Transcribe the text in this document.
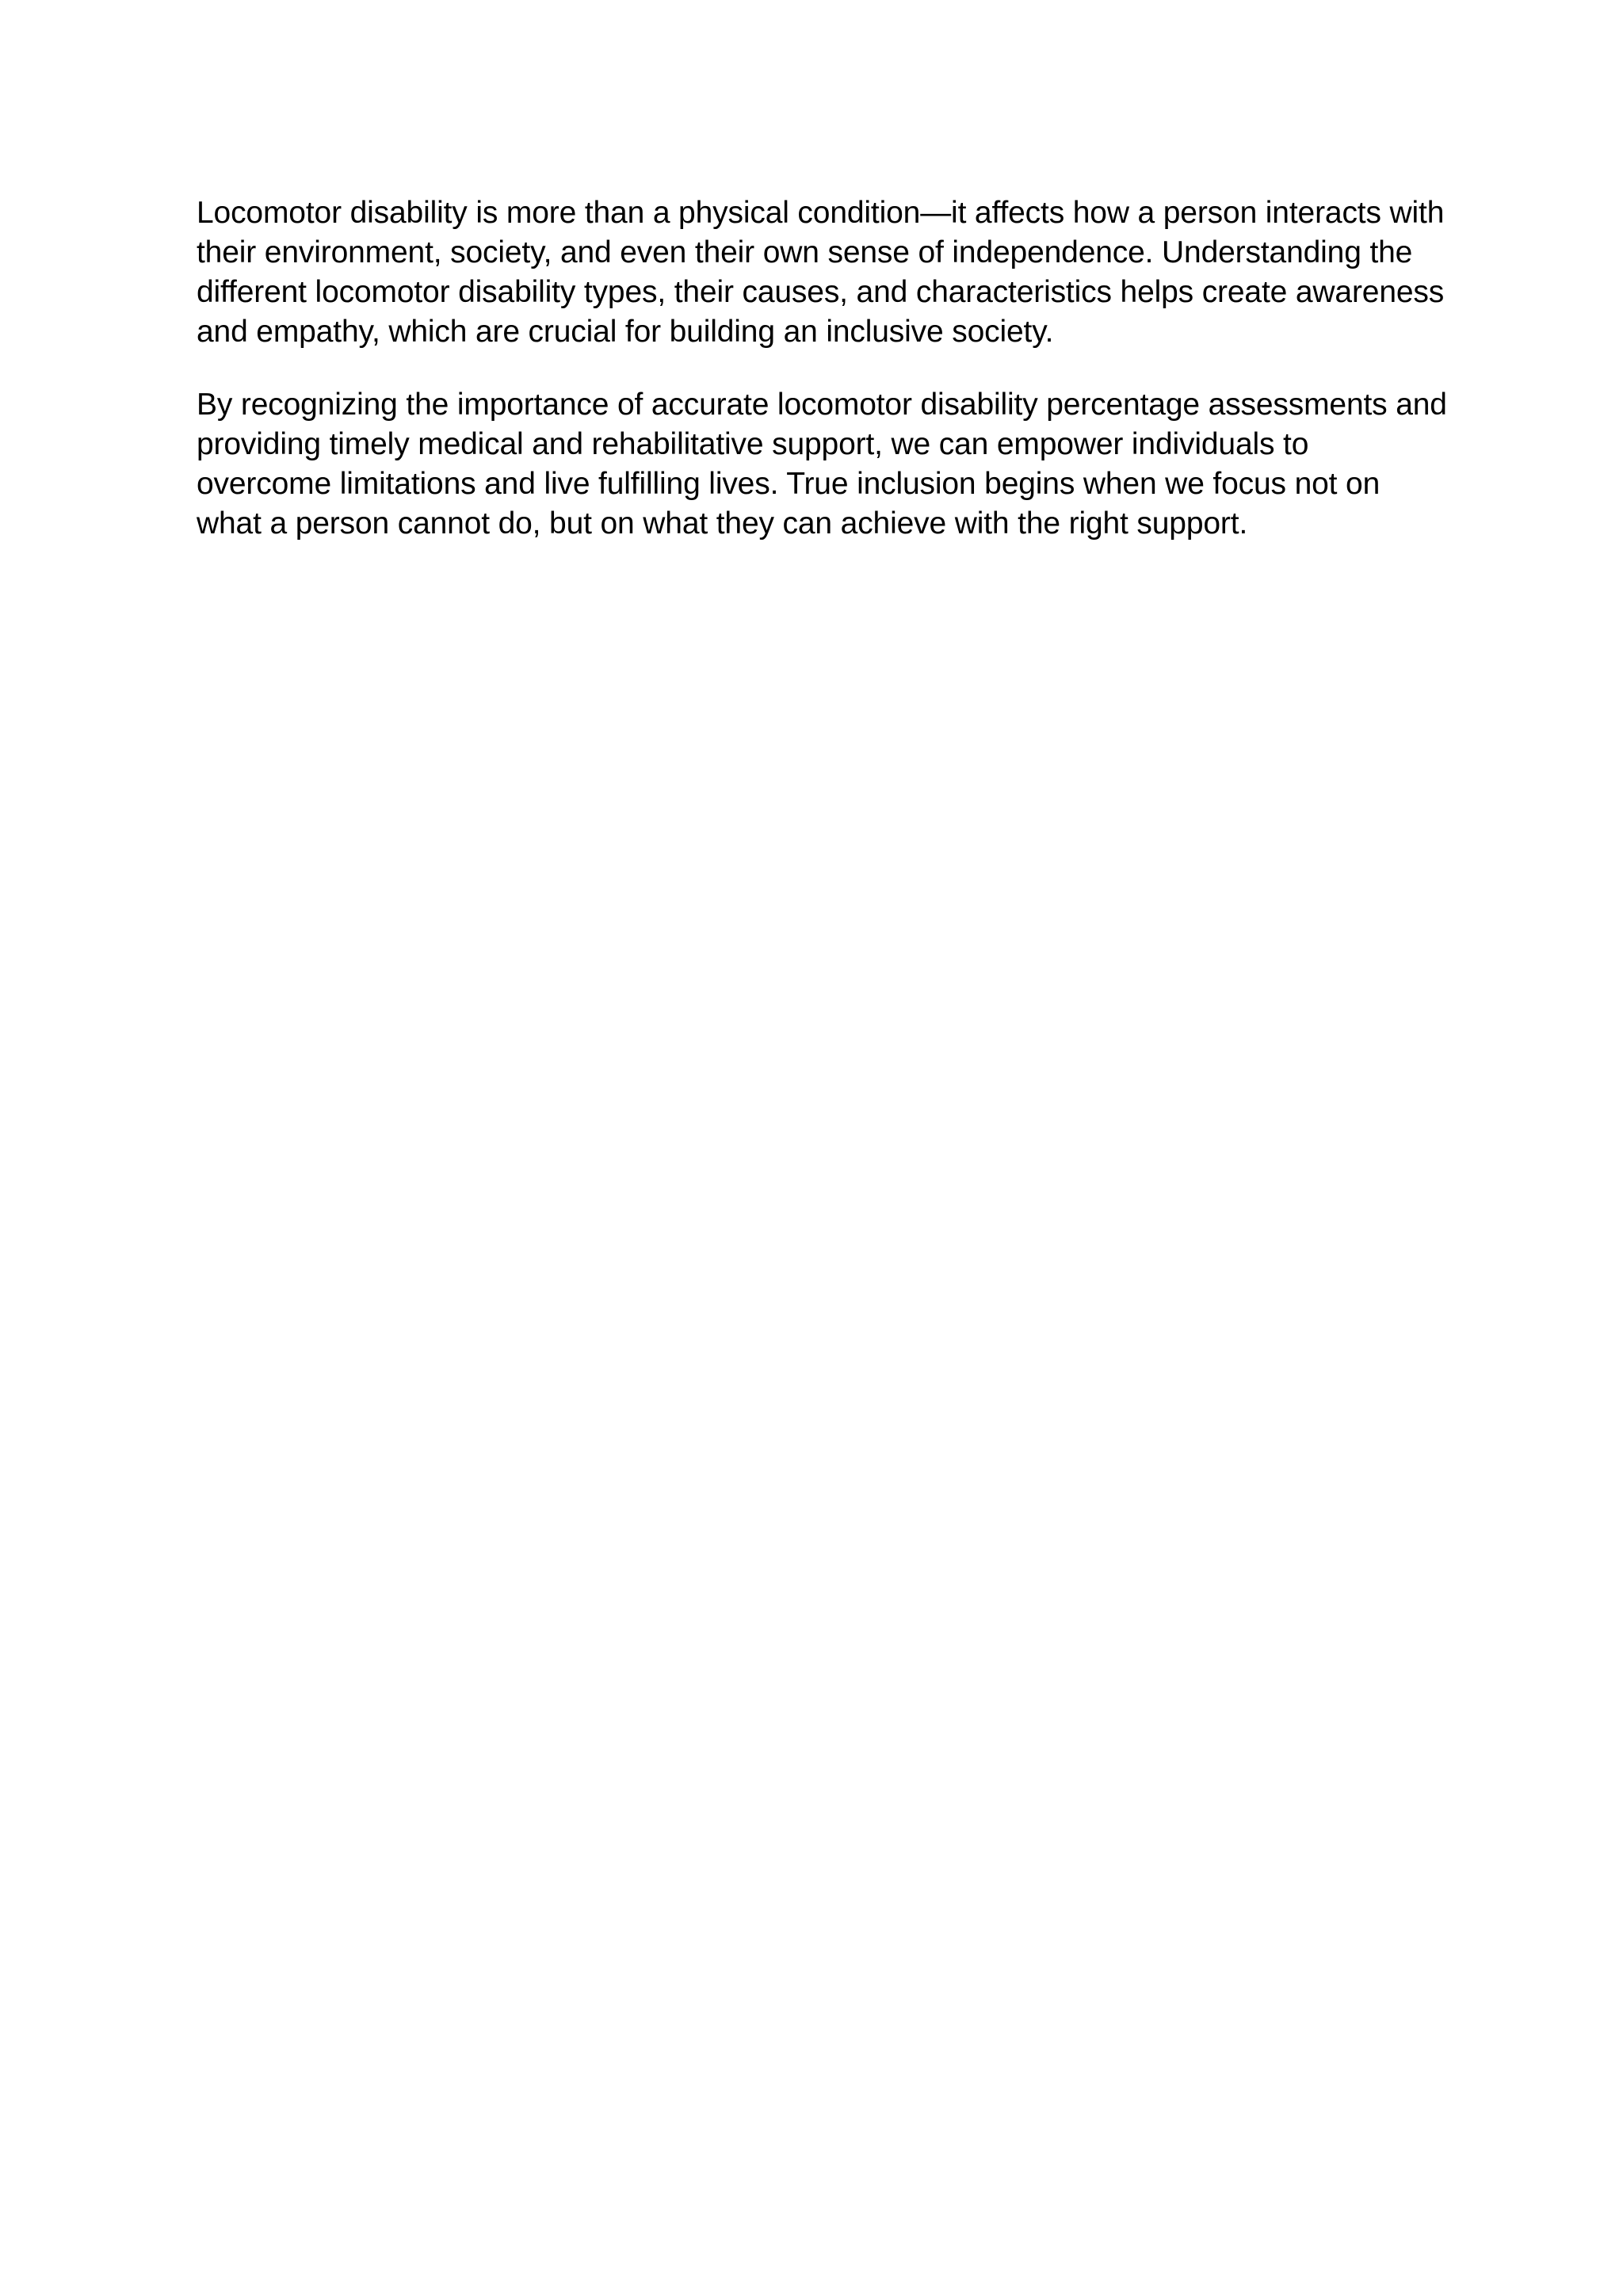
Locomotor disability is more than a physical condition—it affects how a person interacts with their environment, society, and even their own sense of independence. Understanding the different locomotor disability types, their causes, and characteristics helps create awareness and empathy, which are crucial for building an inclusive society.

By recognizing the importance of accurate locomotor disability percentage assessments and providing timely medical and rehabilitative support, we can empower individuals to overcome limitations and live fulfilling lives. True inclusion begins when we focus not on what a person cannot do, but on what they can achieve with the right support.
